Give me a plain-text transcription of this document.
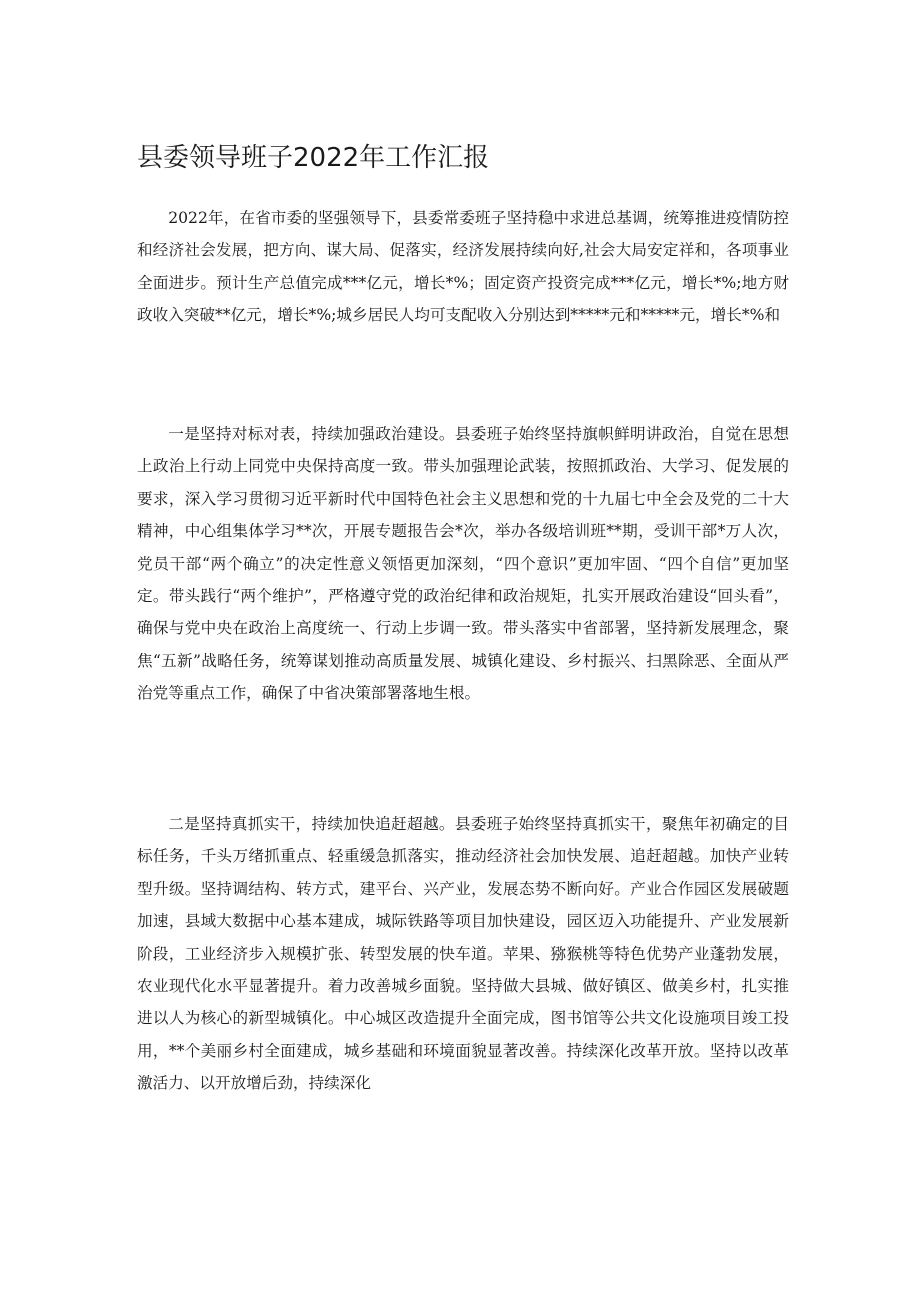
县委领导班子2022年工作汇报

2022年，在省市委的坚强领导下，县委常委班子坚持稳中求进总基调，统筹推进疫情防控和经济社会发展，把方向、谋大局、促落实，经济发展持续向好,社会大局安定祥和，各项事业全面进步。预计生产总值完成***亿元，增长*%；固定资产投资完成***亿元，增长*%;地方财政收入突破**亿元，增长*%;城乡居民人均可支配收入分别达到*****元和*****元，增长*%和

一是坚持对标对表，持续加强政治建设。县委班子始终坚持旗帜鲜明讲政治，自觉在思想上政治上行动上同党中央保持高度一致。带头加强理论武装，按照抓政治、大学习、促发展的要求，深入学习贯彻习近平新时代中国特色社会主义思想和党的十九届七中全会及党的二十大精神，中心组集体学习**次，开展专题报告会*次，举办各级培训班**期，受训干部*万人次，党员干部“两个确立”的决定性意义领悟更加深刻，“四个意识”更加牢固、“四个自信”更加坚定。带头践行“两个维护”，严格遵守党的政治纪律和政治规矩，扎实开展政治建设“回头看”，确保与党中央在政治上高度统一、行动上步调一致。带头落实中省部署，坚持新发展理念，聚焦“五新”战略任务，统筹谋划推动高质量发展、城镇化建设、乡村振兴、扫黑除恶、全面从严治党等重点工作，确保了中省决策部署落地生根。

二是坚持真抓实干，持续加快追赶超越。县委班子始终坚持真抓实干，聚焦年初确定的目标任务，千头万绪抓重点、轻重缓急抓落实，推动经济社会加快发展、追赶超越。加快产业转型升级。坚持调结构、转方式，建平台、兴产业，发展态势不断向好。产业合作园区发展破题加速，县域大数据中心基本建成，城际铁路等项目加快建设，园区迈入功能提升、产业发展新阶段，工业经济步入规模扩张、转型发展的快车道。苹果、猕猴桃等特色优势产业蓬勃发展，农业现代化水平显著提升。着力改善城乡面貌。坚持做大县城、做好镇区、做美乡村，扎实推进以人为核心的新型城镇化。中心城区改造提升全面完成，图书馆等公共文化设施项目竣工投用，**个美丽乡村全面建成，城乡基础和环境面貌显著改善。持续深化改革开放。坚持以改革激活力、以开放增后劲，持续深化
